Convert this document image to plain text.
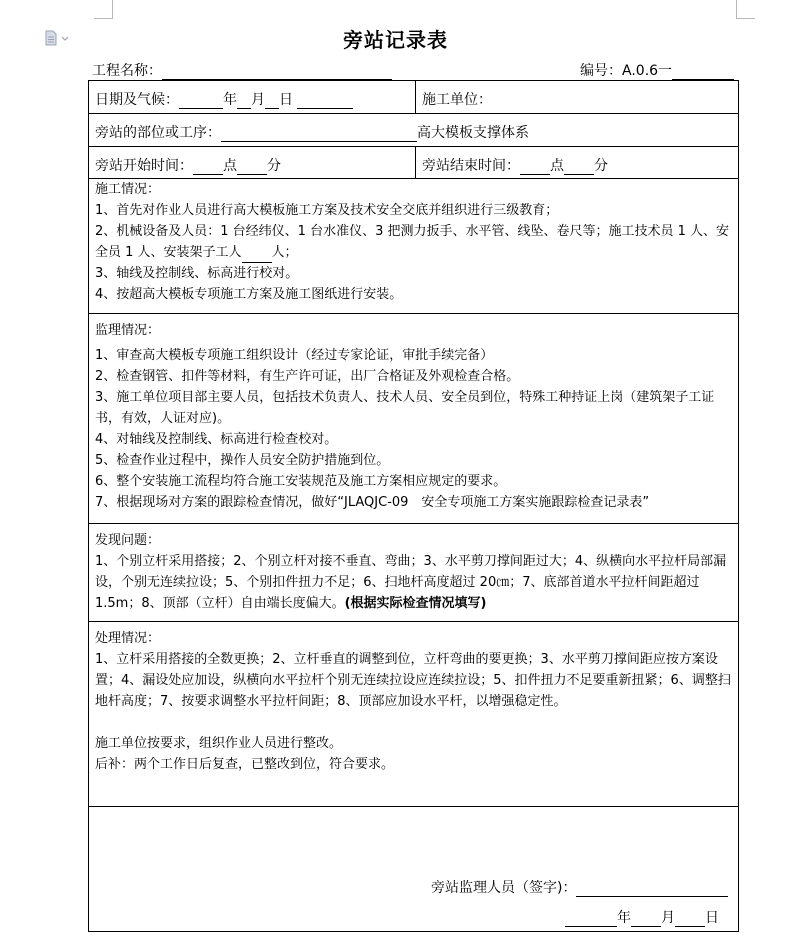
旁站记录表
工程名称：	编号：A.0.6一
日期及气候：	年 月 日	施工单位：
旁站的部位或工序：	高大模板支撑体系
旁站开始时间： 点 分	旁站结束时间： 点 分
施工情况：

1、首先对作业人员进行高大模板施工方案及技术安全交底并组织进行三级教育；

2、机械设备及人员：1 台经纬仪、1 台水准仪、3 把测力扳手、水平管、线坠、卷尺等；施工技术员 1 人、安全员 1 人、安装架子工人 人；

3、轴线及控制线、标高进行校对。

4、按超高大模板专项施工方案及施工图纸进行安装。

监理情况：

1、审查高大模板专项施工组织设计（经过专家论证，审批手续完备）

2、检查钢管、扣件等材料，有生产许可证，出厂合格证及外观检查合格。

3、施工单位项目部主要人员，包括技术负责人、技术人员、安全员到位，特殊工种持证上岗（建筑架子工证书，有效，人证对应)。

4、对轴线及控制线、标高进行检查校对。

5、检查作业过程中，操作人员安全防护措施到位。

6、整个安装施工流程均符合施工安装规范及施工方案相应规定的要求。

7、根据现场对方案的跟踪检查情况，做好“JLAQJC-09　安全专项施工方案实施跟踪检查记录表”

发现问题：

1、个别立杆采用搭接；2、个别立杆对接不垂直、弯曲；3、水平剪刀撑间距过大；4、纵横向水平拉杆局部漏设，个别无连续拉设；5、个别扣件扭力不足；6、扫地杆高度超过 20㎝；7、底部首道水平拉杆间距超过 1.5m；8、顶部（立杆）自由端长度偏大。(根据实际检查情况填写)

处理情况：

1、立杆采用搭接的全数更换；2、立杆垂直的调整到位，立杆弯曲的要更换；3、水平剪刀撑间距应按方案设置；4、漏设处应加设，纵横向水平拉杆个别无连续拉设应连续拉设；5、扣件扭力不足要重新扭紧；6、调整扫地杆高度；7、按要求调整水平拉杆间距；8、顶部应加设水平杆，以增强稳定性。

施工单位按要求，组织作业人员进行整改。

后补：两个工作日后复查，已整改到位，符合要求。

旁站监理人员（签字)：
年 月 日
